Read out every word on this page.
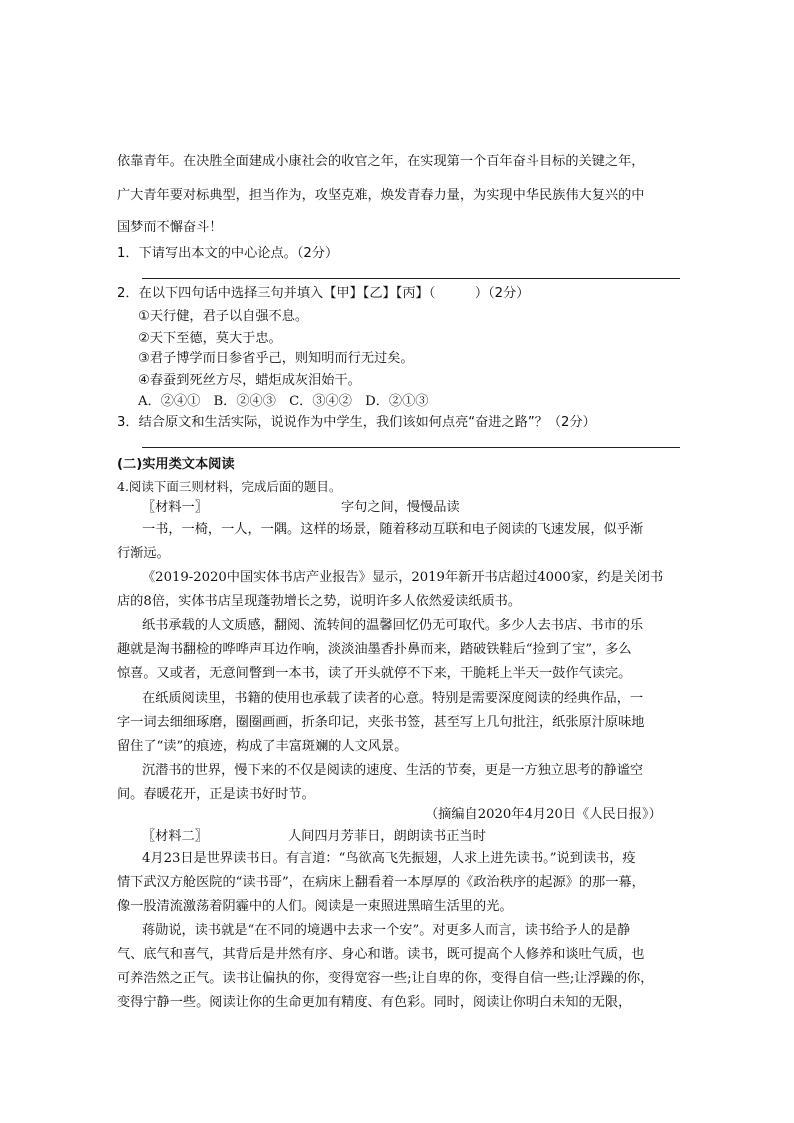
依靠青年。在决胜全面建成小康社会的收官之年，在实现第一个百年奋斗目标的关键之年，
广大青年要对标典型，担当作为，攻坚克难，焕发青春力量，为实现中华民族伟大复兴的中
国梦而不懈奋斗！
1．下请写出本文的中心论点。（2分）
2．在以下四句话中选择三句并填入【甲】【乙】【丙】（　　　）（2分）
①天行健，君子以自强不息。
②天下至德，莫大于忠。
③君子博学而日参省乎己，则知明而行无过矣。
④春蚕到死丝方尽，蜡炬成灰泪始干。
A．②④①　B．②④③　C．③④②　D．②①③
3．结合原文和生活实际，说说作为中学生，我们该如何点亮“奋进之路”？（2分）
(二)实用类文本阅读
4.阅读下面三则材料，完成后面的题目。
〖材料一〗	字句之间，慢慢品读
一书，一椅，一人，一隅。这样的场景，随着移动互联和电子阅读的飞速发展，似乎渐
行渐远。
《2019-2020中国实体书店产业报告》显示，2019年新开书店超过4000家，约是关闭书
店的8倍，实体书店呈现蓬勃增长之势，说明许多人依然爱读纸质书。
纸书承载的人文质感，翻阅、流转间的温馨回忆仍无可取代。多少人去书店、书市的乐
趣就是淘书翻检的哗哗声耳边作响，淡淡油墨香扑鼻而来，踏破铁鞋后“捡到了宝”，多么
惊喜。又或者，无意间瞥到一本书，读了开头就停不下来，干脆耗上半天一鼓作气读完。
在纸质阅读里，书籍的使用也承载了读者的心意。特别是需要深度阅读的经典作品，一
字一词去细细琢磨，圈圈画画，折条印记，夹张书签，甚至写上几句批注，纸张原汁原味地
留住了“读”的痕迹，构成了丰富斑斓的人文风景。
沉潜书的世界，慢下来的不仅是阅读的速度、生活的节奏，更是一方独立思考的静谧空
间。春暖花开，正是读书好时节。
（摘编自2020年4月20日《人民日报》）
〖材料二〗	人间四月芳菲日，朗朗读书正当时
4月23日是世界读书日。有言道：“鸟欲高飞先振翅，人求上进先读书。”说到读书，疫
情下武汉方舱医院的“读书哥”，在病床上翻看着一本厚厚的《政治秩序的起源》的那一幕，
像一股清流激荡着阴霾中的人们。阅读是一束照进黑暗生活里的光。
蒋勋说，读书就是“在不同的境遇中去求一个安”。对更多人而言，读书给予人的是静
气、底气和喜气，其背后是井然有序、身心和谐。读书，既可提高个人修养和谈吐气质，也
可养浩然之正气。读书让偏执的你，变得宽容一些;让自卑的你，变得自信一些;让浮躁的你，
变得宁静一些。阅读让你的生命更加有精度、有色彩。同时，阅读让你明白未知的无限，
